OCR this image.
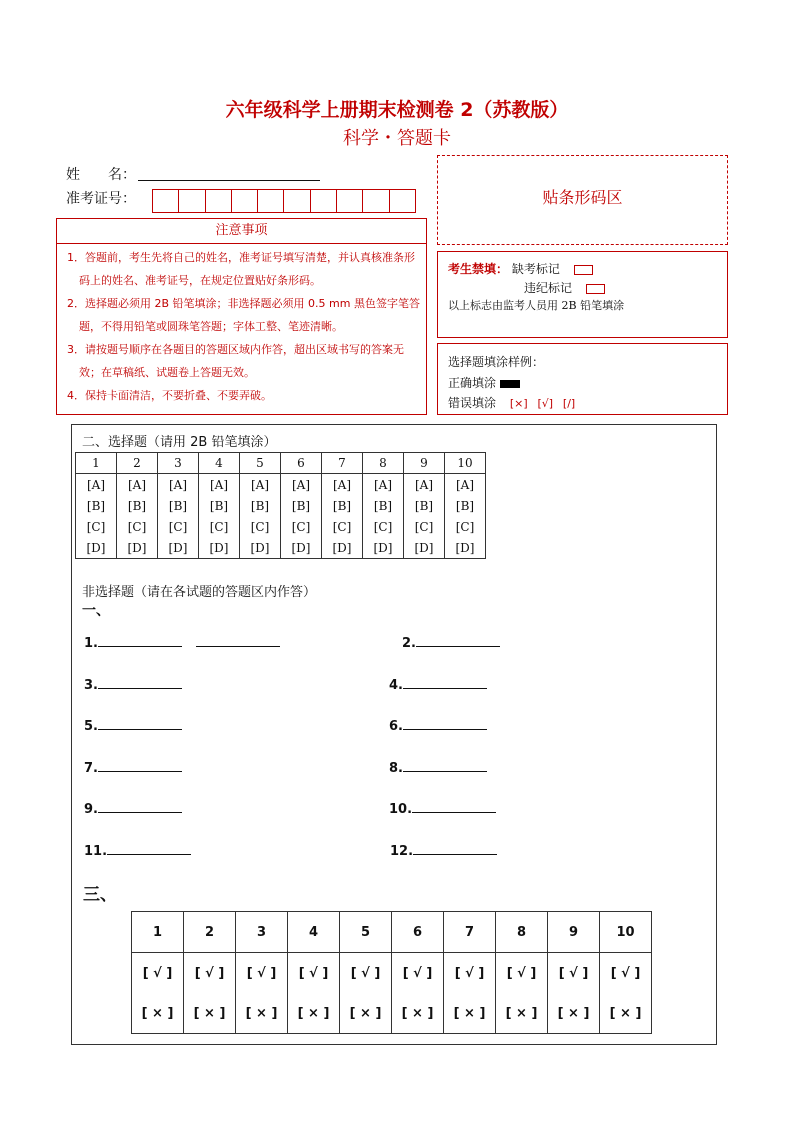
六年级科学上册期末检测卷 2（苏教版）
科学・答题卡
姓　　名：
准考证号：	贴条形码区
注意事项

1．答题前，考生先将自己的姓名，准考证号填写清楚，并认真核准条形码上的姓名、准考证号，在规定位置贴好条形码。

2．选择题必须用 2B 铅笔填涂；非选择题必须用 0.5 mm 黑色签字笔答题，不得用铅笔或圆珠笔答题；字体工整、笔迹清晰。

3．请按题号顺序在各题目的答题区域内作答，超出区域书写的答案无效；在草稿纸、试题卷上答题无效。

4．保持卡面清洁，不要折叠、不要弄破。

考生禁填： 缺考标记
违纪标记
以上标志由监考人员用 2B 铅笔填涂
选择题填涂样例：
正确填涂
错误填涂 [×] [√] [/]
二、选择题（请用 2B 铅笔填涂）
1	2	3	4	5	6	7	8	9	10
[A]	[A]	[A]	[A]	[A]	[A]	[A]	[A]	[A]	[A]
[B]	[B]	[B]	[B]	[B]	[B]	[B]	[B]	[B]	[B]
[C]	[C]	[C]	[C]	[C]	[C]	[C]	[C]	[C]	[C]
[D]	[D]	[D]	[D]	[D]	[D]	[D]	[D]	[D]	[D]
非选择题（请在各试题的答题区内作答）
一、
1.	2.
3.	4.
5.	6.
7.	8.
9.	10.
11.	12.
三、
1	2	3	4	5	6	7	8	9	10
[ √ ]	[ √ ]	[ √ ]	[ √ ]	[ √ ]	[ √ ]	[ √ ]	[ √ ]	[ √ ]	[ √ ]
[ × ]	[ × ]	[ × ]	[ × ]	[ × ]	[ × ]	[ × ]	[ × ]	[ × ]	[ × ]
